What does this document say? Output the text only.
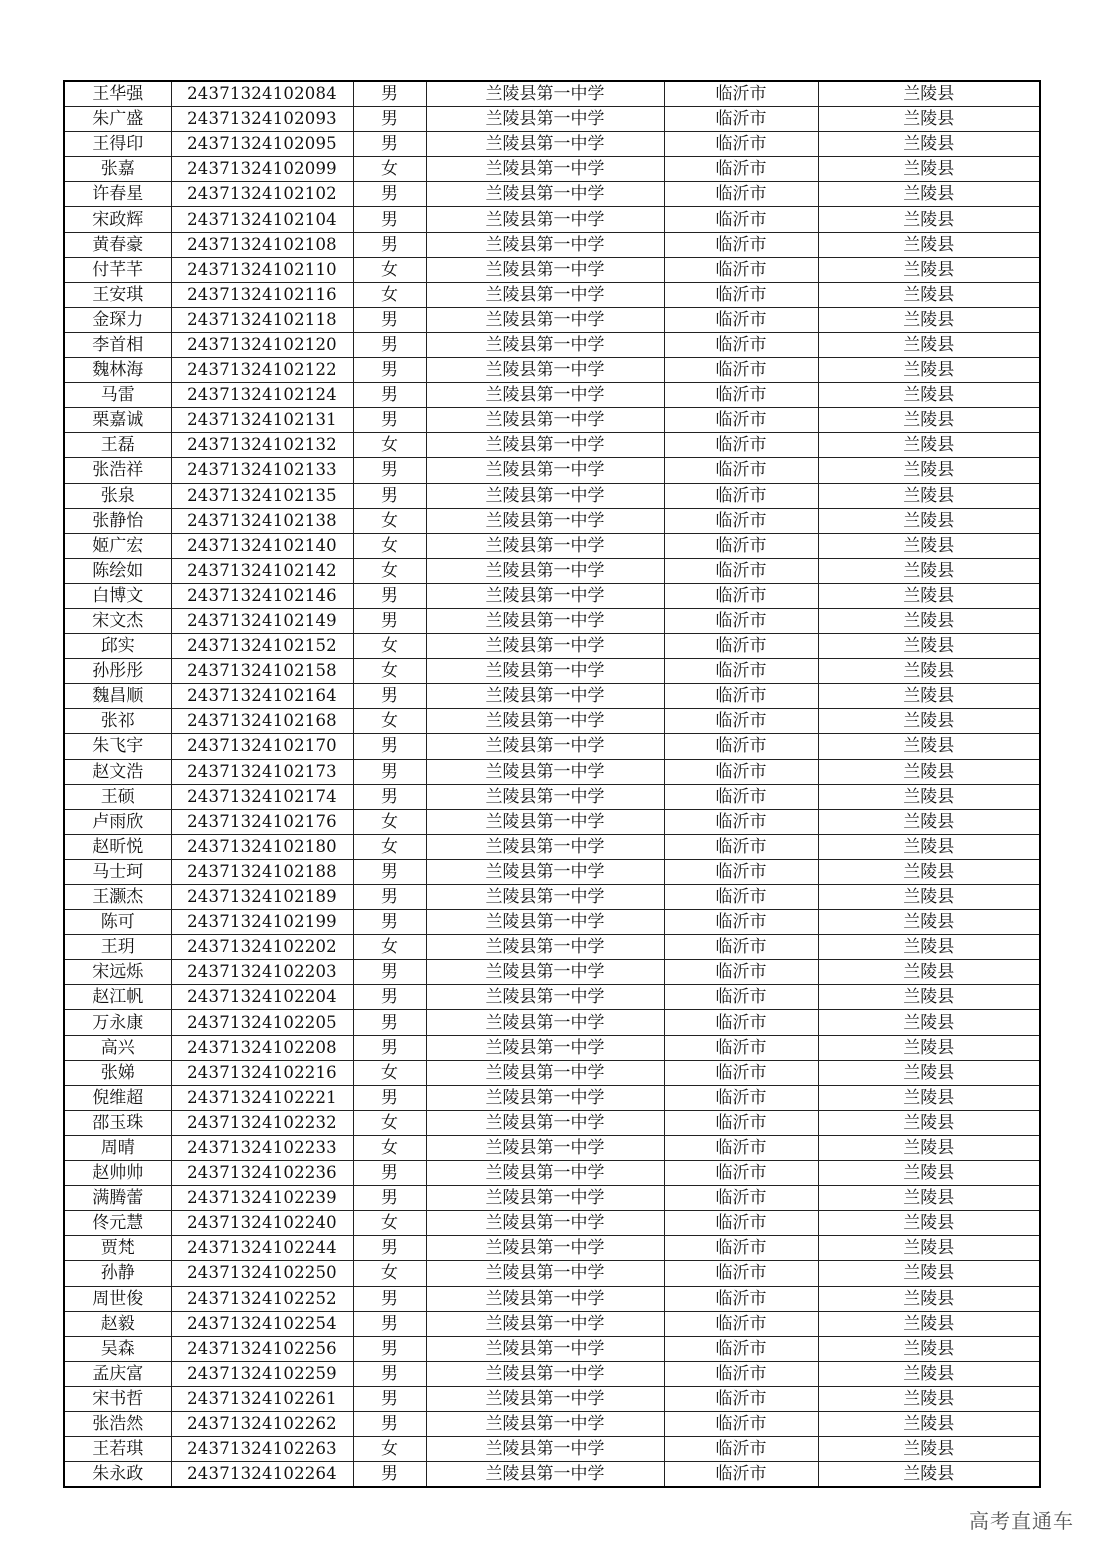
王华强	24371324102084	男	兰陵县第一中学	临沂市	兰陵县
朱广盛	24371324102093	男	兰陵县第一中学	临沂市	兰陵县
王得印	24371324102095	男	兰陵县第一中学	临沂市	兰陵县
张嘉	24371324102099	女	兰陵县第一中学	临沂市	兰陵县
许春星	24371324102102	男	兰陵县第一中学	临沂市	兰陵县
宋政辉	24371324102104	男	兰陵县第一中学	临沂市	兰陵县
黄春豪	24371324102108	男	兰陵县第一中学	临沂市	兰陵县
付芊芊	24371324102110	女	兰陵县第一中学	临沂市	兰陵县
王安琪	24371324102116	女	兰陵县第一中学	临沂市	兰陵县
金琛力	24371324102118	男	兰陵县第一中学	临沂市	兰陵县
李首相	24371324102120	男	兰陵县第一中学	临沂市	兰陵县
魏林海	24371324102122	男	兰陵县第一中学	临沂市	兰陵县
马雷	24371324102124	男	兰陵县第一中学	临沂市	兰陵县
栗嘉诚	24371324102131	男	兰陵县第一中学	临沂市	兰陵县
王磊	24371324102132	女	兰陵县第一中学	临沂市	兰陵县
张浩祥	24371324102133	男	兰陵县第一中学	临沂市	兰陵县
张泉	24371324102135	男	兰陵县第一中学	临沂市	兰陵县
张静怡	24371324102138	女	兰陵县第一中学	临沂市	兰陵县
姬广宏	24371324102140	女	兰陵县第一中学	临沂市	兰陵县
陈绘如	24371324102142	女	兰陵县第一中学	临沂市	兰陵县
白博文	24371324102146	男	兰陵县第一中学	临沂市	兰陵县
宋文杰	24371324102149	男	兰陵县第一中学	临沂市	兰陵县
邱实	24371324102152	女	兰陵县第一中学	临沂市	兰陵县
孙彤彤	24371324102158	女	兰陵县第一中学	临沂市	兰陵县
魏昌顺	24371324102164	男	兰陵县第一中学	临沂市	兰陵县
张祁	24371324102168	女	兰陵县第一中学	临沂市	兰陵县
朱飞宇	24371324102170	男	兰陵县第一中学	临沂市	兰陵县
赵文浩	24371324102173	男	兰陵县第一中学	临沂市	兰陵县
王硕	24371324102174	男	兰陵县第一中学	临沂市	兰陵县
卢雨欣	24371324102176	女	兰陵县第一中学	临沂市	兰陵县
赵昕悦	24371324102180	女	兰陵县第一中学	临沂市	兰陵县
马士珂	24371324102188	男	兰陵县第一中学	临沂市	兰陵县
王灏杰	24371324102189	男	兰陵县第一中学	临沂市	兰陵县
陈可	24371324102199	男	兰陵县第一中学	临沂市	兰陵县
王玥	24371324102202	女	兰陵县第一中学	临沂市	兰陵县
宋远烁	24371324102203	男	兰陵县第一中学	临沂市	兰陵县
赵江帆	24371324102204	男	兰陵县第一中学	临沂市	兰陵县
万永康	24371324102205	男	兰陵县第一中学	临沂市	兰陵县
高兴	24371324102208	男	兰陵县第一中学	临沂市	兰陵县
张娣	24371324102216	女	兰陵县第一中学	临沂市	兰陵县
倪维超	24371324102221	男	兰陵县第一中学	临沂市	兰陵县
邵玉珠	24371324102232	女	兰陵县第一中学	临沂市	兰陵县
周晴	24371324102233	女	兰陵县第一中学	临沂市	兰陵县
赵帅帅	24371324102236	男	兰陵县第一中学	临沂市	兰陵县
满腾蕾	24371324102239	男	兰陵县第一中学	临沂市	兰陵县
佟元慧	24371324102240	女	兰陵县第一中学	临沂市	兰陵县
贾梵	24371324102244	男	兰陵县第一中学	临沂市	兰陵县
孙静	24371324102250	女	兰陵县第一中学	临沂市	兰陵县
周世俊	24371324102252	男	兰陵县第一中学	临沂市	兰陵县
赵毅	24371324102254	男	兰陵县第一中学	临沂市	兰陵县
吴森	24371324102256	男	兰陵县第一中学	临沂市	兰陵县
孟庆富	24371324102259	男	兰陵县第一中学	临沂市	兰陵县
宋书哲	24371324102261	男	兰陵县第一中学	临沂市	兰陵县
张浩然	24371324102262	男	兰陵县第一中学	临沂市	兰陵县
王若琪	24371324102263	女	兰陵县第一中学	临沂市	兰陵县
朱永政	24371324102264	男	兰陵县第一中学	临沂市	兰陵县
高考直通车
